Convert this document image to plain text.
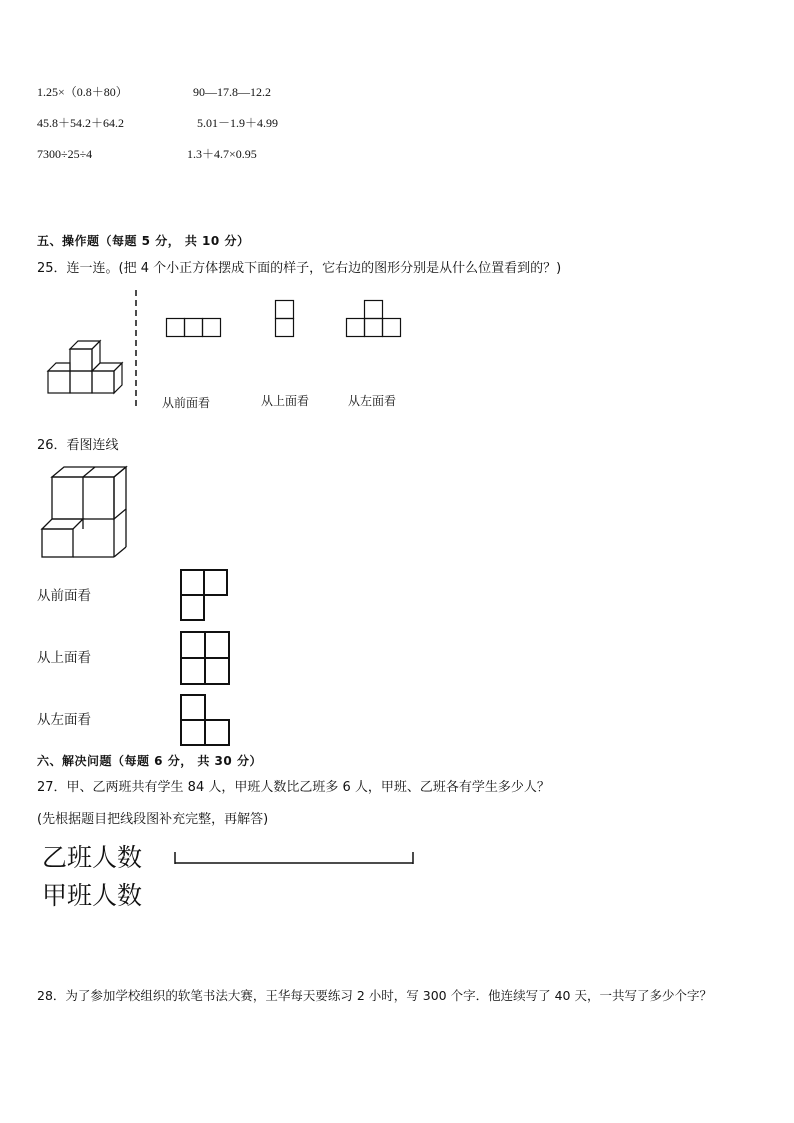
1.25×（0.8＋80）	90—17.8—12.2
45.8＋54.2＋64.2	5.01－1.9＋4.99
7300÷25÷4	1.3＋4.7×0.95
五、操作题（每题 5 分， 共 10 分）
25．连一连。(把 4 个小正方体摆成下面的样子，它右边的图形分别是从什么位置看到的？)
从前面看	从上面看	从左面看
26．看图连线
从前面看
从上面看
从左面看
六、解决问题（每题 6 分， 共 30 分）
27．甲、乙两班共有学生 84 人，甲班人数比乙班多 6 人，甲班、乙班各有学生多少人？
(先根据题目把线段图补充完整，再解答)
乙班人数
甲班人数
28．为了参加学校组织的软笔书法大赛，王华每天要练习 2 小时，写 300 个字．他连续写了 40 天，一共写了多少个字？
